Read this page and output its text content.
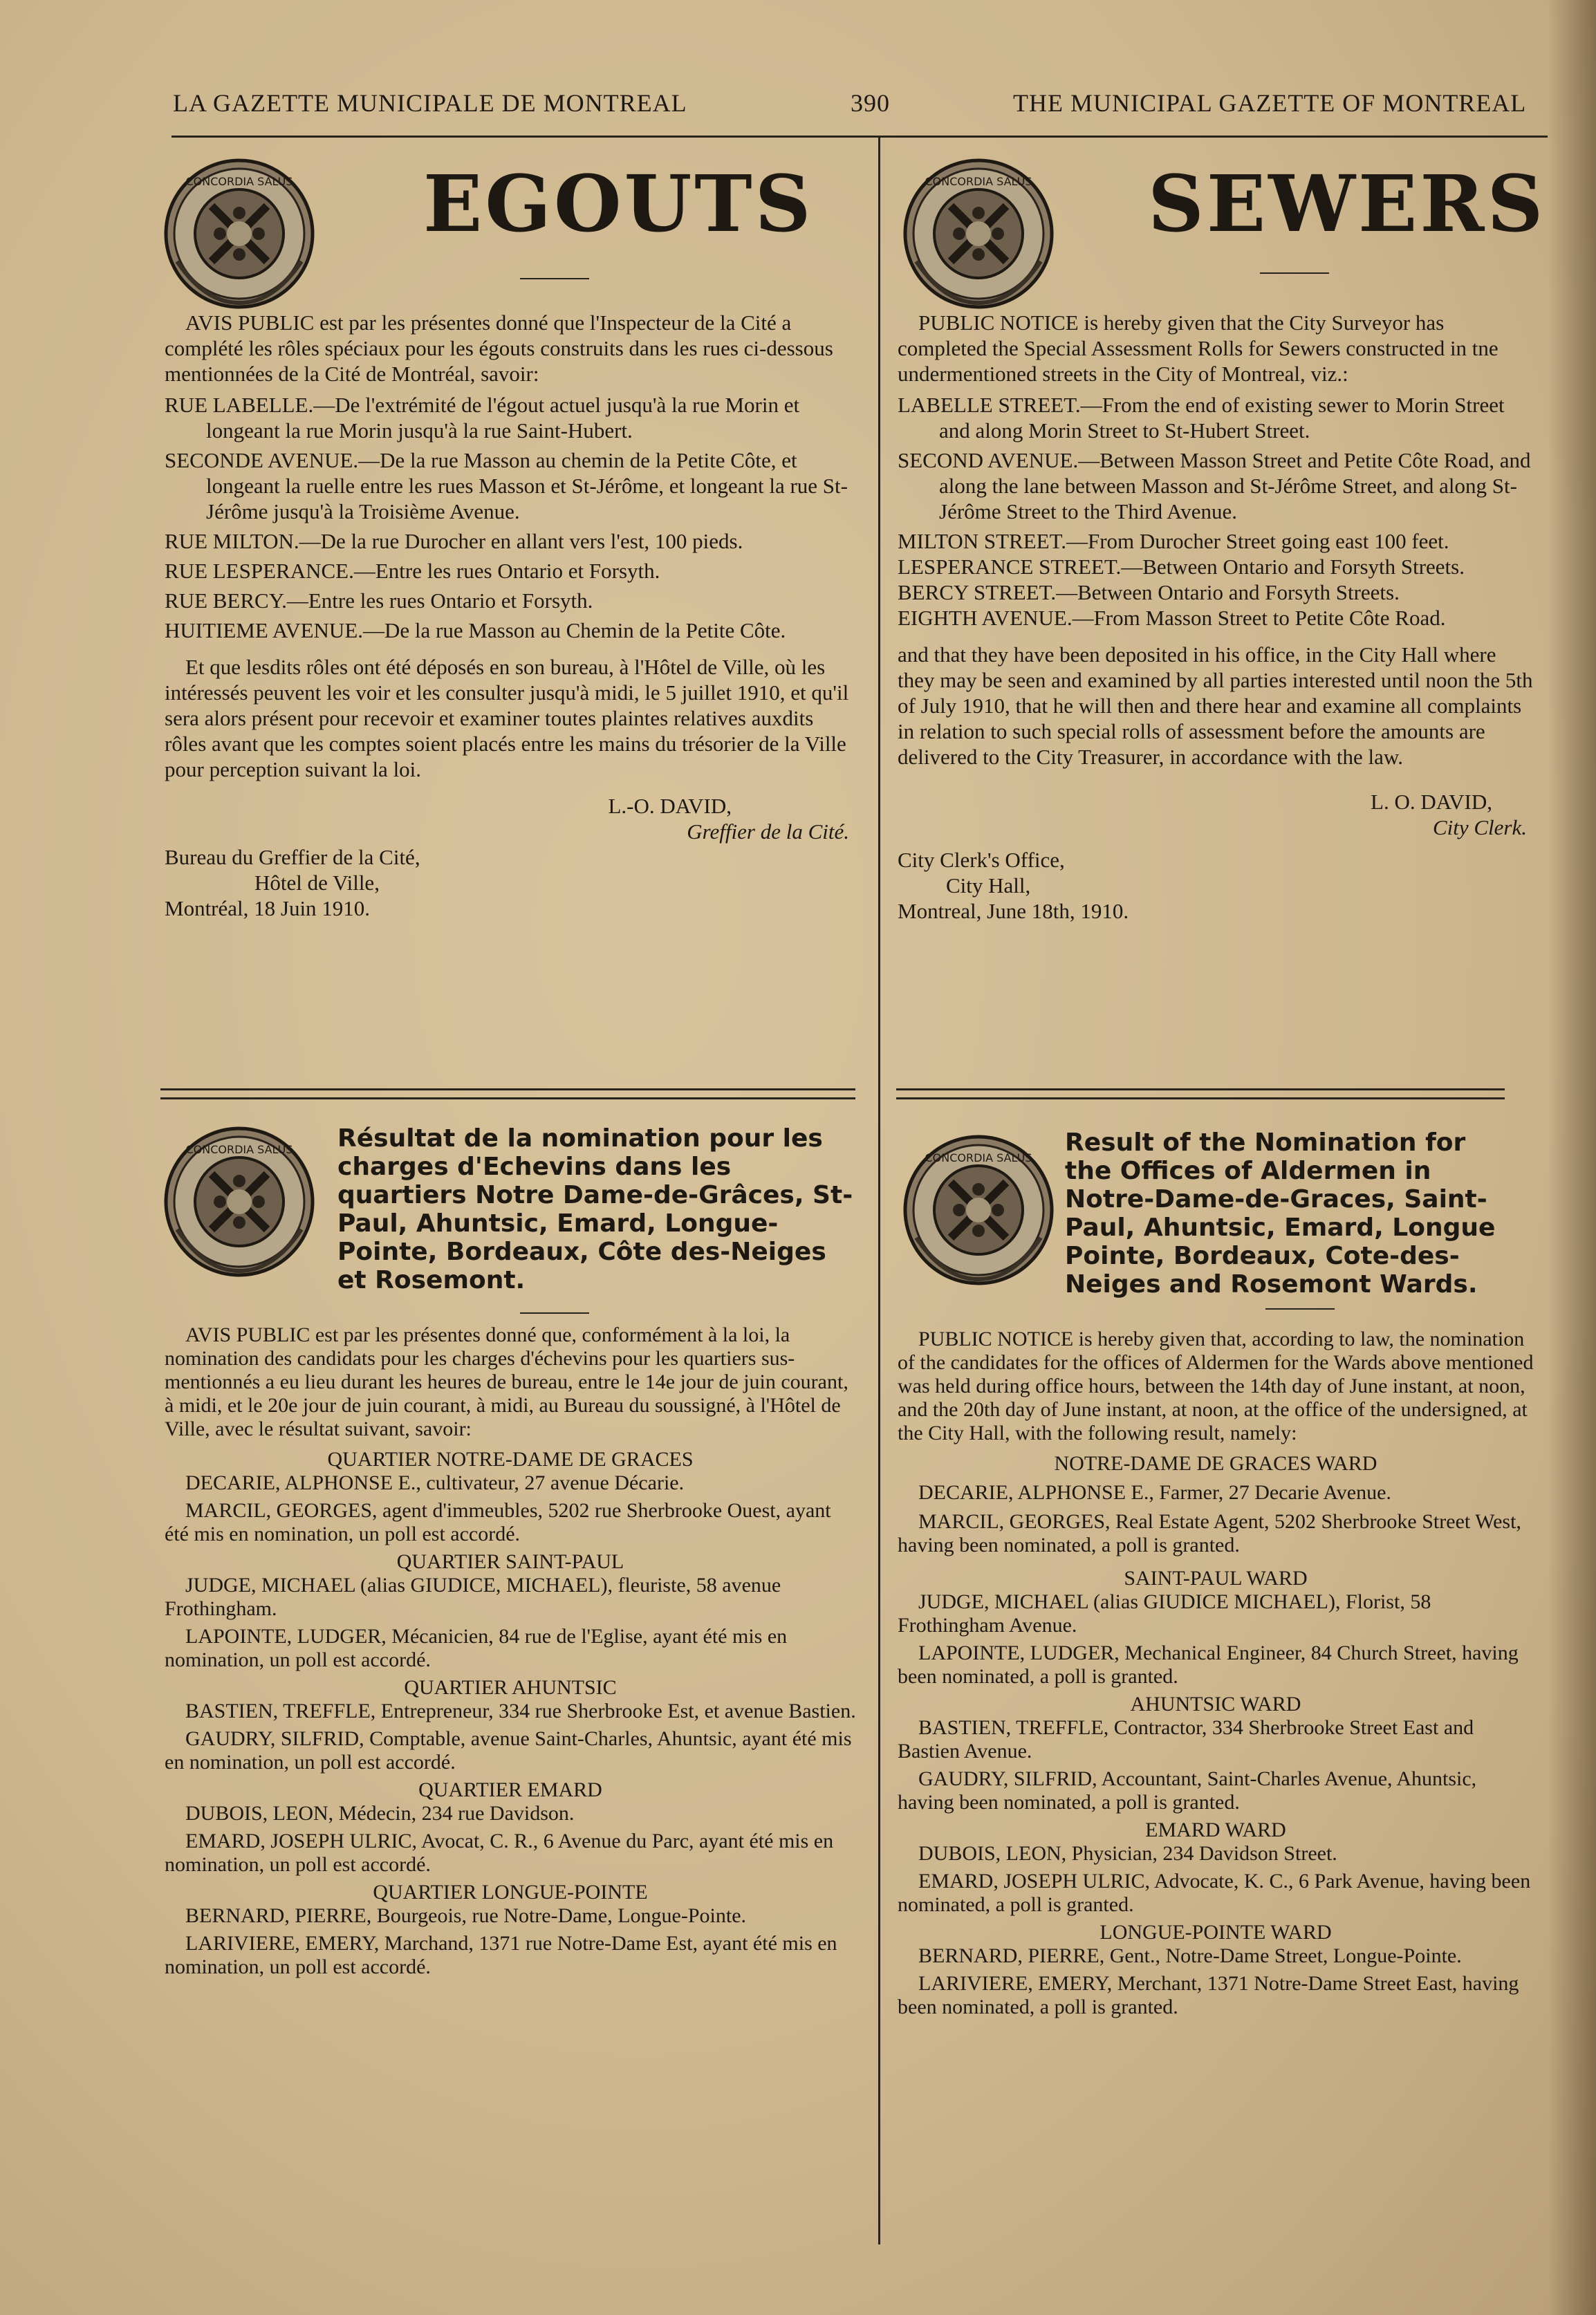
LA GAZETTE MUNICIPALE DE MONTREAL	390	THE MUNICIPAL GAZETTE OF MONTREAL
CONCORDIA SALUS EGOUTS

AVIS PUBLIC est par les présentes donné que l'Inspecteur de la Cité a complété les rôles spéciaux pour les égouts construits dans les rues ci-dessous mentionnées de la Cité de Montréal, savoir:

RUE LABELLE.—De l'extrémité de l'égout actuel jusqu'à la rue Morin et longeant la rue Morin jusqu'à la rue Saint-Hubert.

SECONDE AVENUE.—De la rue Masson au chemin de la Petite Côte, et longeant la ruelle entre les rues Masson et St-Jérôme, et longeant la rue St-Jérôme jusqu'à la Troisième Avenue.

RUE MILTON.—De la rue Durocher en allant vers l'est, 100 pieds.

RUE LESPERANCE.—Entre les rues Ontario et Forsyth.

RUE BERCY.—Entre les rues Ontario et Forsyth.

HUITIEME AVENUE.—De la rue Masson au Chemin de la Petite Côte.

Et que lesdits rôles ont été déposés en son bureau, à l'Hôtel de Ville, où les intéressés peuvent les voir et les consulter jusqu'à midi, le 5 juillet 1910, et qu'il sera alors présent pour recevoir et examiner toutes plaintes relatives auxdits rôles avant que les comptes soient placés entre les mains du trésorier de la Ville pour perception suivant la loi.

L.-O. DAVID,

Greffier de la Cité.

Bureau du Greffier de la Cité,

Hôtel de Ville,

Montréal, 18 Juin 1910.

CONCORDIA SALUS SEWERS

PUBLIC NOTICE is hereby given that the City Surveyor has completed the Special Assessment Rolls for Sewers constructed in tne undermentioned streets in the City of Montreal, viz.:

LABELLE STREET.—From the end of existing sewer to Morin Street and along Morin Street to St-Hubert Street.

SECOND AVENUE.—Between Masson Street and Petite Côte Road, and along the lane between Masson and St-Jérôme Street, and along St-Jérôme Street to the Third Avenue.

MILTON STREET.—From Durocher Street going east 100 feet.

LESPERANCE STREET.—Between Ontario and Forsyth Streets.

BERCY STREET.—Between Ontario and Forsyth Streets.

EIGHTH AVENUE.—From Masson Street to Petite Côte Road.

and that they have been deposited in his office, in the City Hall where they may be seen and examined by all parties interested until noon the 5th of July 1910, that he will then and there hear and examine all complaints in relation to such special rolls of assessment before the amounts are delivered to the City Treasurer, in accordance with the law.

L. O. DAVID,

City Clerk.

City Clerk's Office,

City Hall,

Montreal, June 18th, 1910.

CONCORDIA SALUS Résultat de la nomination pour les charges d'Echevins dans les quartiers Notre Dame-de-Grâces, St-Paul, Ahuntsic, Emard, Longue-Pointe, Bordeaux, Côte des-Neiges et Rosemont.

AVIS PUBLIC est par les présentes donné que, conformément à la loi, la nomination des candidats pour les charges d'échevins pour les quartiers sus-mentionnés a eu lieu durant les heures de bureau, entre le 14e jour de juin courant, à midi, et le 20e jour de juin courant, à midi, au Bureau du soussigné, à l'Hôtel de Ville, avec le résultat suivant, savoir:

QUARTIER NOTRE-DAME DE GRACES

DECARIE, ALPHONSE E., cultivateur, 27 avenue Décarie.

MARCIL, GEORGES, agent d'immeubles, 5202 rue Sherbrooke Ouest, ayant été mis en nomination, un poll est accordé.

QUARTIER SAINT-PAUL

JUDGE, MICHAEL (alias GIUDICE, MICHAEL), fleuriste, 58 avenue Frothingham.

LAPOINTE, LUDGER, Mécanicien, 84 rue de l'Eglise, ayant été mis en nomination, un poll est accordé.

QUARTIER AHUNTSIC

BASTIEN, TREFFLE, Entrepreneur, 334 rue Sherbrooke Est, et avenue Bastien.

GAUDRY, SILFRID, Comptable, avenue Saint-Charles, Ahuntsic, ayant été mis en nomination, un poll est accordé.

QUARTIER EMARD

DUBOIS, LEON, Médecin, 234 rue Davidson.

EMARD, JOSEPH ULRIC, Avocat, C. R., 6 Avenue du Parc, ayant été mis en nomination, un poll est accordé.

QUARTIER LONGUE-POINTE

BERNARD, PIERRE, Bourgeois, rue Notre-Dame, Longue-Pointe.

LARIVIERE, EMERY, Marchand, 1371 rue Notre-Dame Est, ayant été mis en nomination, un poll est accordé.

CONCORDIA SALUS
Result of the Nomination for the Offices of Aldermen in Notre-Dame-de-Graces, Saint-Paul, Ahuntsic, Emard, Longue Pointe, Bordeaux, Cote-des-Neiges and Rosemont Wards.

PUBLIC NOTICE is hereby given that, according to law, the nomination of the candidates for the offices of Aldermen for the Wards above mentioned was held during office hours, between the 14th day of June instant, at noon, and the 20th day of June instant, at noon, at the office of the undersigned, at the City Hall, with the following result, namely:

NOTRE-DAME DE GRACES WARD

DECARIE, ALPHONSE E., Farmer, 27 Decarie Avenue.

MARCIL, GEORGES, Real Estate Agent, 5202 Sherbrooke Street West, having been nominated, a poll is granted.

SAINT-PAUL WARD

JUDGE, MICHAEL (alias GIUDICE MICHAEL), Florist, 58 Frothingham Avenue.

LAPOINTE, LUDGER, Mechanical Engineer, 84 Church Street, having been nominated, a poll is granted.

AHUNTSIC WARD

BASTIEN, TREFFLE, Contractor, 334 Sherbrooke Street East and Bastien Avenue.

GAUDRY, SILFRID, Accountant, Saint-Charles Avenue, Ahuntsic, having been nominated, a poll is granted.

EMARD WARD

DUBOIS, LEON, Physician, 234 Davidson Street.

EMARD, JOSEPH ULRIC, Advocate, K. C., 6 Park Avenue, having been nominated, a poll is granted.

LONGUE-POINTE WARD

BERNARD, PIERRE, Gent., Notre-Dame Street, Longue-Pointe.

LARIVIERE, EMERY, Merchant, 1371 Notre-Dame Street East, having been nominated, a poll is granted.
